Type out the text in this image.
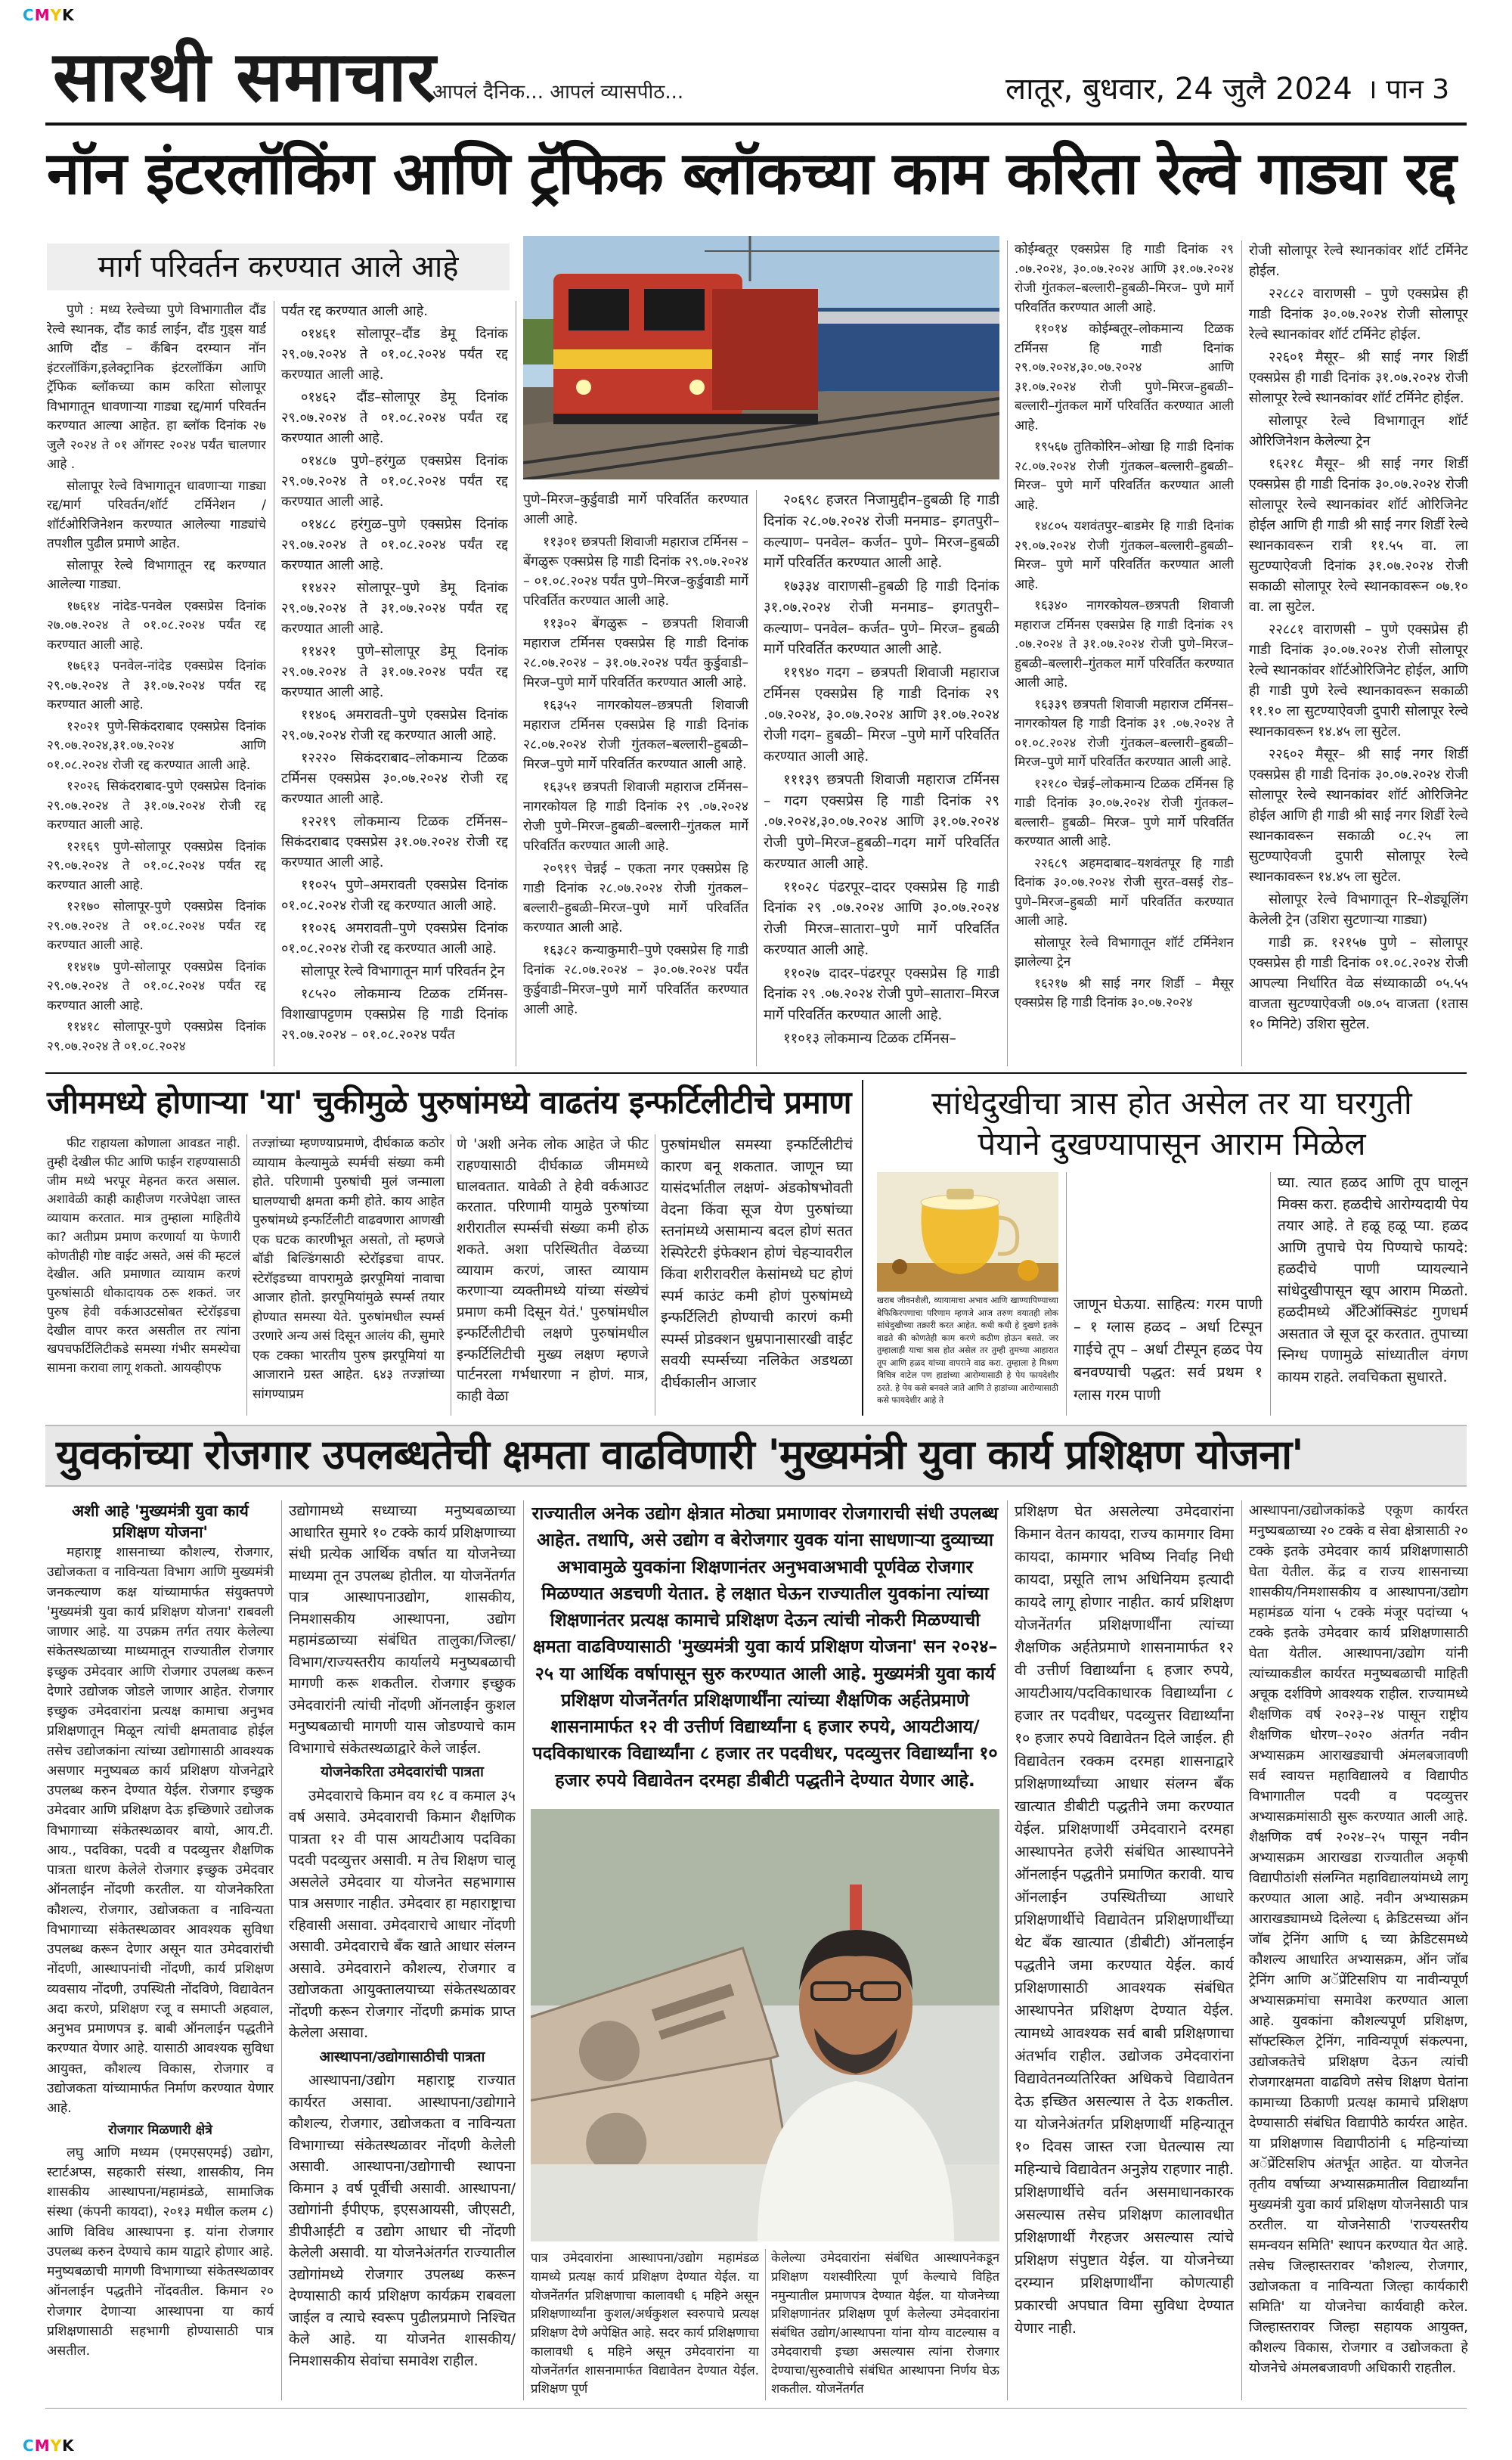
CMYK
सारथी समाचार
आपलं दैनिक... आपलं व्यासपीठ...	लातूर, बुधवार, 24 जुलै 2024 । पान 3
नॉन इंटरलॉकिंग आणि ट्रॅफिक ब्लॉकच्या काम करिता रेल्वे गाड्या रद्द
मार्ग परिवर्तन करण्यात आले आहे

पुणे : मध्य रेल्वेच्या पुणे विभागातील दौंड रेल्वे स्थानक, दौंड कार्ड लाईन, दौंड गुड्स यार्ड आणि दौंड – कँबिन दरम्यान नॉन इंटरलॉकिंग,इलेक्ट्रानिक इंटरलॉकिंग आणि ट्रॅफिक ब्लॉकच्या काम करिता सोलापूर विभागातून धावणाऱ्या गाड्या रद्द/मार्ग परिवर्तन करण्यात आल्या आहेत. हा ब्लॉक दिनांक २७ जुलै २०२४ ते ०१ ऑगस्ट २०२४ पर्यंत चालणार आहे .

सोलापूर रेल्वे विभागातून धावणाऱ्या गाड्या रद्द/मार्ग परिवर्तन/शॉर्ट टर्मिनेशन / शॉर्टओरिजिनेशन करण्यात आलेल्या गाड्यांचे तपशील पुढील प्रमाणे आहेत.

सोलापूर रेल्वे विभागातून रद्द करण्यात आलेल्या गाड्या.

१७६१४ नांदेड-पनवेल एक्सप्रेस दिनांक २७.०७.२०२४ ते ०१.०८.२०२४ पर्यंत रद्द करण्यात आली आहे.

१७६१३ पनवेल-नांदेड एक्सप्रेस दिनांक २९.०७.२०२४ ते ३१.०७.२०२४ पर्यंत रद्द करण्यात आली आहे.

१२०२१ पुणे-सिकंदराबाद एक्सप्रेस दिनांक २९.०७.२०२४,३१.०७.२०२४ आणि ०१.०८.२०२४ रोजी रद्द करण्यात आली आहे.

१२०२६ सिकंदराबाद-पुणे एक्सप्रेस दिनांक २९.०७.२०२४ ते ३१.०७.२०२४ रोजी रद्द करण्यात आली आहे.

१२१६९ पुणे-सोलापूर एक्सप्रेस दिनांक २९.०७.२०२४ ते ०१.०८.२०२४ पर्यंत रद्द करण्यात आली आहे.

१२१७० सोलापूर-पुणे एक्सप्रेस दिनांक २९.०७.२०२४ ते ०१.०८.२०२४ पर्यंत रद्द करण्यात आली आहे.

११४१७ पुणे-सोलापूर एक्सप्रेस दिनांक २९.०७.२०२४ ते ०१.०८.२०२४ पर्यंत रद्द करण्यात आली आहे.

११४१८ सोलापूर-पुणे एक्सप्रेस दिनांक २९.०७.२०२४ ते ०१.०८.२०२४

पर्यंत रद्द करण्यात आली आहे.

०१४६१ सोलापूर–दौंड डेमू दिनांक २९.०७.२०२४ ते ०१.०८.२०२४ पर्यंत रद्द करण्यात आली आहे.

०१४६२ दौंड–सोलापूर डेमू दिनांक २९.०७.२०२४ ते ०१.०८.२०२४ पर्यंत रद्द करण्यात आली आहे.

०१४८७ पुणे–हरंगुळ एक्सप्रेस दिनांक २९.०७.२०२४ ते ०१.०८.२०२४ पर्यंत रद्द करण्यात आली आहे.

०१४८८ हरंगुळ–पुणे एक्सप्रेस दिनांक २९.०७.२०२४ ते ०१.०८.२०२४ पर्यंत रद्द करण्यात आली आहे.

११४२२ सोलापूर–पुणे डेमू दिनांक २९.०७.२०२४ ते ३१.०७.२०२४ पर्यंत रद्द करण्यात आली आहे.

११४२१ पुणे–सोलापूर डेमू दिनांक २९.०७.२०२४ ते ३१.०७.२०२४ पर्यंत रद्द करण्यात आली आहे.

११४०६ अमरावती–पुणे एक्सप्रेस दिनांक २९.०७.२०२४ रोजी रद्द करण्यात आली आहे.

१२२२० सिकंदराबाद–लोकमान्य टिळक टर्मिनस एक्सप्रेस ३०.०७.२०२४ रोजी रद्द करण्यात आली आहे.

१२२१९ लोकमान्य टिळक टर्मिनस–सिकंदराबाद एक्सप्रेस ३१.०७.२०२४ रोजी रद्द करण्यात आली आहे.

११०२५ पुणे–अमरावती एक्सप्रेस दिनांक ०१.०८.२०२४ रोजी रद्द करण्यात आली आहे.

११०२६ अमरावती–पुणे एक्सप्रेस दिनांक ०१.०८.२०२४ रोजी रद्द करण्यात आली आहे.

सोलापूर रेल्वे विभागातून मार्ग परिवर्तन ट्रेन

१८५२० लोकमान्य टिळक टर्मिनस-विशाखापट्टणम एक्सप्रेस हि गाडी दिनांक २९.०७.२०२४ – ०१.०८.२०२४ पर्यंत

पुणे–मिरज–कुर्डुवाडी मार्गे परिवर्तित करण्यात आली आहे.

११३०१ छत्रपती शिवाजी महाराज टर्मिनस – बेंगळुरू एक्सप्रेस हि गाडी दिनांक २९.०७.२०२४ – ०१.०८.२०२४ पर्यंत पुणे–मिरज–कुर्डुवाडी मार्गे परिवर्तित करण्यात आली आहे.

११३०२ बेंगळुरू – छत्रपती शिवाजी महाराज टर्मिनस एक्सप्रेस हि गाडी दिनांक २८.०७.२०२४ – ३१.०७.२०२४ पर्यंत कुर्डुवाडी–मिरज–पुणे मार्गे परिवर्तित करण्यात आली आहे.

१६३५२ नागरकोयल–छत्रपती शिवाजी महाराज टर्मिनस एक्सप्रेस हि गाडी दिनांक २८.०७.२०२४ रोजी गुंतकल–बल्लारी–हुबळी–मिरज–पुणे मार्गे परिवर्तित करण्यात आली आहे.

१६३५१ छत्रपती शिवाजी महाराज टर्मिनस–नागरकोयल हि गाडी दिनांक २९ .०७.२०२४ रोजी पुणे–मिरज–हुबळी–बल्लारी–गुंतकल मार्गे परिवर्तित करण्यात आली आहे.

२०९१९ चेन्नई – एकता नगर एक्सप्रेस हि गाडी दिनांक २८.०७.२०२४ रोजी गुंतकल–बल्लारी–हुबळी–मिरज–पुणे मार्गे परिवर्तित करण्यात आली आहे.

१६३८२ कन्याकुमारी–पुणे एक्सप्रेस हि गाडी दिनांक २८.०७.२०२४ – ३०.०७.२०२४ पर्यंत कुर्डुवाडी–मिरज–पुणे मार्गे परिवर्तित करण्यात आली आहे.

२०६९८ हजरत निजामुद्दीन–हुबळी हि गाडी दिनांक २८.०७.२०२४ रोजी मनमाड– इगतपुरी– कल्याण– पनवेल– कर्जत– पुणे– मिरज–हुबळी मार्गे परिवर्तित करण्यात आली आहे.

१७३३४ वाराणसी–हुबळी हि गाडी दिनांक ३१.०७.२०२४ रोजी मनमाड– इगतपुरी– कल्याण– पनवेल– कर्जत– पुणे– मिरज– हुबळी मार्गे परिवर्तित करण्यात आली आहे.

११९४० गदग – छत्रपती शिवाजी महाराज टर्मिनस एक्सप्रेस हि गाडी दिनांक २९ .०७.२०२४, ३०.०७.२०२४ आणि ३१.०७.२०२४ रोजी गदग– हुबळी– मिरज –पुणे मार्गे परिवर्तित करण्यात आली आहे.

१११३९ छत्रपती शिवाजी महाराज टर्मिनस – गदग एक्सप्रेस हि गाडी दिनांक २९ .०७.२०२४,३०.०७.२०२४ आणि ३१.०७.२०२४ रोजी पुणे–मिरज–हुबळी–गदग मार्गे परिवर्तित करण्यात आली आहे.

११०२८ पंढरपूर–दादर एक्सप्रेस हि गाडी दिनांक २९ .०७.२०२४ आणि ३०.०७.२०२४ रोजी मिरज–सातारा–पुणे मार्गे परिवर्तित करण्यात आली आहे.

११०२७ दादर–पंढरपूर एक्सप्रेस हि गाडी दिनांक २९ .०७.२०२४ रोजी पुणे–सातारा–मिरज मार्गे परिवर्तित करण्यात आली आहे.

११०१३ लोकमान्य टिळक टर्मिनस–

कोईम्बतूर एक्सप्रेस हि गाडी दिनांक २९ .०७.२०२४, ३०.०७.२०२४ आणि ३१.०७.२०२४ रोजी गुंतकल–बल्लारी–हुबळी–मिरज– पुणे मार्गे परिवर्तित करण्यात आली आहे.

११०१४ कोईम्बतूर–लोकमान्य टिळक टर्मिनस हि गाडी दिनांक २९.०७.२०२४,३०.०७.२०२४ आणि ३१.०७.२०२४ रोजी पुणे–मिरज–हुबळी–बल्लारी–गुंतकल मार्गे परिवर्तित करण्यात आली आहे.

१९५६७ तुतिकोरिन–ओखा हि गाडी दिनांक २८.०७.२०२४ रोजी गुंतकल–बल्लारी–हुबळी–मिरज– पुणे मार्गे परिवर्तित करण्यात आली आहे.

१४८०५ यशवंतपुर–बाडमेर हि गाडी दिनांक २९.०७.२०२४ रोजी गुंतकल–बल्लारी–हुबळी–मिरज– पुणे मार्गे परिवर्तित करण्यात आली आहे.

१६३४० नागरकोयल–छत्रपती शिवाजी महाराज टर्मिनस एक्सप्रेस हि गाडी दिनांक २९ .०७.२०२४ ते ३१.०७.२०२४ रोजी पुणे–मिरज–हुबळी–बल्लारी–गुंतकल मार्गे परिवर्तित करण्यात आली आहे.

१६३३९ छत्रपती शिवाजी महाराज टर्मिनस–नागरकोयल हि गाडी दिनांक ३१ .०७.२०२४ ते ०१.०८.२०२४ रोजी गुंतकल–बल्लारी–हुबळी–मिरज–पुणे मार्गे परिवर्तित करण्यात आली आहे.

१२१८० चेन्नई–लोकमान्य टिळक टर्मिनस हि गाडी दिनांक ३०.०७.२०२४ रोजी गुंतकल– बल्लारी– हुबळी– मिरज– पुणे मार्गे परिवर्तित करण्यात आली आहे.

२२६८९ अहमदाबाद–यशवंतपूर हि गाडी दिनांक ३०.०७.२०२४ रोजी सुरत–वसई रोड–पुणे–मिरज–हुबळी मार्गे परिवर्तित करण्यात आली आहे.

सोलापूर रेल्वे विभागातून शॉर्ट टर्मिनेशन झालेल्या ट्रेन

१६२१७ श्री साई नगर शिर्डी – मैसूर एक्सप्रेस हि गाडी दिनांक ३०.०७.२०२४

रोजी सोलापूर रेल्वे स्थानकांवर शॉर्ट टर्मिनेट होईल.

२२८८२ वाराणसी – पुणे एक्सप्रेस ही गाडी दिनांक ३०.०७.२०२४ रोजी सोलापूर रेल्वे स्थानकांवर शॉर्ट टर्मिनेट होईल.

२२६०१ मैसूर– श्री साई नगर शिर्डी एक्सप्रेस ही गाडी दिनांक ३१.०७.२०२४ रोजी सोलापूर रेल्वे स्थानकांवर शॉर्ट टर्मिनेट होईल.

सोलापूर रेल्वे विभागातून शॉर्ट ओरिजिनेशन केलेल्या ट्रेन

१६२१८ मैसूर– श्री साई नगर शिर्डी एक्सप्रेस ही गाडी दिनांक ३०.०७.२०२४ रोजी सोलापूर रेल्वे स्थानकांवर शॉर्ट ओरिजिनेट होईल आणि ही गाडी श्री साई नगर शिर्डी रेल्वे स्थानकावरून रात्री ११.५५ वा. ला सुटण्याऐवजी दिनांक ३१.०७.२०२४ रोजी सकाळी सोलापूर रेल्वे स्थानकावरून ०७.१० वा. ला सुटेल.

२२८८१ वाराणसी – पुणे एक्सप्रेस ही गाडी दिनांक ३०.०७.२०२४ रोजी सोलापूर रेल्वे स्थानकांवर शॉर्टओरिजिनेट होईल, आणि ही गाडी पुणे रेल्वे स्थानकावरून सकाळी ११.१० ला सुटण्याऐवजी दुपारी सोलापूर रेल्वे स्थानकावरून १४.४५ ला सुटेल.

२२६०२ मैसूर– श्री साई नगर शिर्डी एक्सप्रेस ही गाडी दिनांक ३०.०७.२०२४ रोजी सोलापूर रेल्वे स्थानकांवर शॉर्ट ओरिजिनेट होईल आणि ही गाडी श्री साई नगर शिर्डी रेल्वे स्थानकावरून सकाळी ०८.२५ ला सुटण्याऐवजी दुपारी सोलापूर रेल्वे स्थानकावरून १४.४५ ला सुटेल.

सोलापूर रेल्वे विभागातून रि–शेड्यूलिंग केलेली ट्रेन (उशिरा सुटणाऱ्या गाड्या)

गाडी क्र. १२१५७ पुणे – सोलापूर एक्सप्रेस ही गाडी दिनांक ०१.०८.२०२४ रोजी आपल्या निर्धारित वेळ संध्याकाळी ०५.५५ वाजता सुटण्याऐवजी ०७.०५ वाजता (१तास १० मिनिटे) उशिरा सुटेल.

जीममध्ये होणाऱ्या 'या' चुकीमुळे पुरुषांमध्ये वाढतंय इन्फर्टिलीटीचे प्रमाण

फीट राहायला कोणाला आवडत नाही. तुम्ही देखील फीट आणि फाईन राहण्यासाठी जीम मध्ये भरपूर मेहनत करत असाल. अशावेळी काही काहीजण गरजेपेक्षा जास्त व्यायाम करतात. मात्र तुम्हाला माहितीये का? अतीप्रम प्रमाण करणार्या या फेणारी कोणतीही गोष्ट वाईट असते, असं की म्हटलं देखील. अति प्रमाणात व्यायाम करणं पुरुषांसाठी धोकादायक ठरू शकतं. जर पुरुष हेवी वर्कआउटसोबत स्टेरॉइडचा देखील वापर करत असतील तर त्यांना खपचफर्टिलिटीकडे समस्या गंभीर समस्येचा सामना करावा लागू शकतो. आयव्हीएफ

तज्ज्ञांच्या म्हणण्याप्रमाणे, दीर्घकाळ कठोर व्यायाम केल्यामुळे स्पर्मची संख्या कमी होते. परिणामी पुरुषांची मुलं जन्माला घालण्याची क्षमता कमी होते. काय आहेत पुरुषांमध्ये इन्फर्टिलीटी वाढवणारा आणखी एक घटक कारणीभूत असतो, तो म्हणजे बॉडी बिल्डिंगसाठी स्टेरॉइडचा वापर. स्टेरॉइडच्या वापरामुळे झरपूमियां नावाचा आजार होतो. झरपूमियांमुळे स्पर्म्स तयार होण्यात समस्या येते. पुरुषांमधील स्पर्म्स उरणारे अन्य असं दिसून आलंय की, सुमारे एक टक्का भारतीय पुरुष झरपूमियां या आजाराने ग्रस्त आहेत. ६४३ तज्ज्ञांच्या सांगण्याप्रम

णे 'अशी अनेक लोक आहेत जे फीट राहण्यासाठी दीर्घकाळ जीममध्ये घालवतात. यावेळी ते हेवी वर्कआउट करतात. परिणामी यामुळे पुरुषांच्या शरीरातील स्पर्म्सची संख्या कमी होऊ शकते. अशा परिस्थितीत वेळच्या व्यायाम करणं, जास्त व्यायाम करणाऱ्या व्यक्तीमध्ये यांच्या संख्येचं प्रमाण कमी दिसून येतं.' पुरुषांमधील इन्फर्टिलीटीची लक्षणे पुरुषांमधील इन्फर्टिलिटीची मुख्य लक्षण म्हणजे पार्टनरला गर्भधारणा न होणं. मात्र, काही वेळा

पुरुषांमधील समस्या इन्फर्टिलीटीचं कारण बनू शकतात. जाणून घ्या यासंदर्भातील लक्षणं- अंडकोषभोवती वेदना किंवा सूज येण पुरुषांच्या स्तनांमध्ये असामान्य बदल होणं सतत रेस्पिरेटरी इंफेक्शन होणं चेहऱ्यावरील किंवा शरीरावरील केसांमध्ये घट होणं स्पर्म काउंट कमी होणं पुरुषांमध्ये इन्फर्टिलिटी होण्याची कारणं कमी स्पर्म्स प्रोडक्शन धुम्रपानासारखी वाईट सवयी स्पर्म्सच्या नलिकेत अडथळा दीर्घकालीन आजार

सांधेदुखीचा त्रास होत असेल तर या घरगुती
पेयाने दुखण्यापासून आराम मिळेल

खराब जीवनशैली, व्यायामाचा अभाव आणि खाण्यापिण्याच्या बेफिकिरपणाचा परिणाम म्हणजे आज तरुण वयातही लोक सांधेदुखीच्या तक्रारी करत आहेत. कधी कधी हे दुखणे इतके वाढते की कोणतेही काम करणे कठीण होऊन बसते. जर तुम्हालाही याचा त्रास होत असेल तर तुम्ही तुमच्या आहारात तूप आणि हळद यांच्या वापराने वाढ करा. तुम्हाला हे मिश्रण विचित्र वाटेल पण हाडांच्या आरोग्यासाठी हे पेय फायदेशीर ठरते. हे पेय कसे बनवले जाते आणि ते हाडांच्या आरोग्यासाठी कसे फायदेशीर आहे ते

जाणून घेऊया. साहित्य: गरम पाणी – १ ग्लास हळद – अर्धा टिस्पून गाईचे तूप – अर्धा टीस्पून हळद पेय बनवण्याची पद्धत: सर्व प्रथम १ ग्लास गरम पाणी

घ्या. त्यात हळद आणि तूप घालून मिक्स करा. हळदीचे आरोग्यदायी पेय तयार आहे. ते हळू हळू प्या. हळद आणि तुपाचे पेय पिण्याचे फायदे: हळदीचे पाणी प्यायल्याने सांधेदुखीपासून खूप आराम मिळतो. हळदीमध्ये अँटिऑक्सिडंट गुणधर्म असतात जे सूज दूर करतात. तुपाच्या स्निग्ध पणामुळे सांध्यातील वंगण कायम राहते. लवचिकता सुधारते.

युवकांच्या रोजगार उपलब्धतेची क्षमता वाढविणारी 'मुख्यमंत्री युवा कार्य प्रशिक्षण योजना'
अशी आहे 'मुख्यमंत्री युवा कार्य प्रशिक्षण योजना'

महाराष्ट्र शासनाच्या कौशल्य, रोजगार, उद्योजकता व नाविन्यता विभाग आणि मुख्यमंत्री जनकल्याण कक्ष यांच्यामार्फत संयुक्तपणे 'मुख्यमंत्री युवा कार्य प्रशिक्षण योजना' राबवली जाणार आहे. या उपक्रम तर्गत तयार केलेल्या संकेतस्थळाच्या माध्यमातून राज्यातील रोजगार इच्छुक उमेदवार आणि रोजगार उपलब्ध करून देणारे उद्योजक जोडले जाणार आहेत. रोजगार इच्छुक उमेदवारांना प्रत्यक्ष कामाचा अनुभव प्रशिक्षणातून मिळून त्यांची क्षमतावाढ होईल तसेच उद्योजकांना त्यांच्या उद्योगासाठी आवश्यक असणार मनुष्यबळ कार्य प्रशिक्षण योजनेद्वारे उपलब्ध करुन देण्यात येईल. रोजगार इच्छुक उमेदवार आणि प्रशिक्षण देऊ इच्छिणारे उद्योजक विभागाच्या संकेतस्थळावर बायो, आय.टी. आय., पदविका, पदवी व पदव्युत्तर शैक्षणिक पात्रता धारण केलेले रोजगार इच्छुक उमेदवार ऑनलाईन नोंदणी करतील. या योजनेकरिता कौशल्य, रोजगार, उद्योजकता व नाविन्यता विभागाच्या संकेतस्थळावर आवश्यक सुविधा उपलब्ध करून देणार असून यात उमेदवारांची नोंदणी, आस्थापनांची नोंदणी, कार्य प्रशिक्षण व्यवसाय नोंदणी, उपस्थिती नोंदविणे, विद्यावेतन अदा करणे, प्रशिक्षण रजू व समाप्ती अहवाल, अनुभव प्रमाणपत्र इ. बाबी ऑनलाईन पद्धतीने करण्यात येणार आहे. यासाठी आवश्यक सुविधा आयुक्त, कौशल्य विकास, रोजगार व उद्योजकता यांच्यामार्फत निर्माण करण्यात येणार आहे.

रोजगार मिळणारी क्षेत्रे

लघु आणि मध्यम (एमएसएमई) उद्योग, स्टार्टअप्स, सहकारी संस्था, शासकीय, निम शासकीय आस्थापना/महामंडळे, सामाजिक संस्था (कंपनी कायदा), २०१३ मधील कलम ८) आणि विविध आस्थापना इ. यांना रोजगार उपलब्ध करुन देण्याचे काम याद्वारे होणार आहे. मनुष्यबळाची मागणी विभागाच्या संकेतस्थळावर ऑनलाईन पद्धतीने नोंदवतील. किमान २० रोजगार देणाऱ्या आस्थापना या कार्य प्रशिक्षणासाठी सहभागी होण्यासाठी पात्र असतील.

उद्योगामध्ये सध्याच्या मनुष्यबळाच्या आधारित सुमारे १० टक्के कार्य प्रशिक्षणाच्या संधी प्रत्येक आर्थिक वर्षात या योजनेच्या माध्यमा तून उपलब्ध होतील. या योजनेंतर्गत पात्र आस्थापनाउद्योग, शासकीय, निमशासकीय आस्थापना, उद्योग महामंडळाच्या संबंधित तालुका/जिल्हा/विभाग/राज्यस्तरीय कार्यालये मनुष्यबळाची मागणी करू शकतील. रोजगार इच्छुक उमेदवारांनी त्यांची नोंदणी ऑनलाईन कुशल मनुष्यबळाची मागणी यास जोडण्याचे काम विभागाचे संकेतस्थळाद्वारे केले जाईल.

योजनेकरिता उमेदवारांची पात्रता

उमेदवाराचे किमान वय १८ व कमाल ३५ वर्ष असावे. उमेदवाराची किमान शैक्षणिक पात्रता १२ वी पास आयटीआय पदविका पदवी पदव्युत्तर असावी. म तेच शिक्षण चालू असलेले उमेदवार या योजनेत सहभागास पात्र असणार नाहीत. उमेदवार हा महाराष्ट्राचा रहिवासी असावा. उमेदवाराचे आधार नोंदणी असावी. उमेदवाराचे बँक खाते आधार संलग्न असावे. उमेदवाराने कौशल्य, रोजगार व उद्योजकता आयुक्तालयाच्या संकेतस्थळावर नोंदणी करून रोजगार नोंदणी क्रमांक प्राप्त केलेला असावा.

आस्थापना/उद्योगासाठीची पात्रता

आस्थापना/उद्योग महाराष्ट्र राज्यात कार्यरत असावा. आस्थापना/उद्योगाने कौशल्य, रोजगार, उद्योजकता व नाविन्यता विभागाच्या संकेतस्थळावर नोंदणी केलेली असावी. आस्थापना/उद्योगाची स्थापना किमान ३ वर्ष पूर्वीची असावी. आस्थापना/उद्योगांनी ईपीएफ, इएसआयसी, जीएसटी, डीपीआईटी व उद्योग आधार ची नोंदणी केलेली असावी. या योजनेअंतर्गत राज्यातील उद्योगांमध्ये रोजगार उपलब्ध करून देण्यासाठी कार्य प्रशिक्षण कार्यक्रम राबवला जाईल व त्याचे स्वरूप पुढीलप्रमाणे निश्चित केले आहे. या योजनेत शासकीय/निमशासकीय सेवांचा समावेश राहील.

राज्यातील अनेक उद्योग क्षेत्रात मोठ्या प्रमाणावर रोजगाराची संधी उपलब्ध आहेत. तथापि, असे उद्योग व बेरोजगार युवक यांना साधणाऱ्या दुव्याच्या अभावामुळे युवकांना शिक्षणानंतर अनुभवाअभावी पूर्णवेळ रोजगार मिळण्यात अडचणी येतात. हे लक्षात घेऊन राज्यातील युवकांना त्यांच्या शिक्षणानंतर प्रत्यक्ष कामाचे प्रशिक्षण देऊन त्यांची नोकरी मिळण्याची क्षमता वाढविण्यासाठी 'मुख्यमंत्री युवा कार्य प्रशिक्षण योजना' सन २०२४–२५ या आर्थिक वर्षापासून सुरु करण्यात आली आहे. मुख्यमंत्री युवा कार्य प्रशिक्षण योजनेंतर्गत प्रशिक्षणार्थींना त्यांच्या शैक्षणिक अर्हतेप्रमाणे शासनामार्फत १२ वी उत्तीर्ण विद्यार्थ्यांना ६ हजार रुपये, आयटीआय/पदविकाधारक विद्यार्थ्यांना ८ हजार तर पदवीधर, पदव्युत्तर विद्यार्थ्यांना १० हजार रुपये विद्यावेतन दरमहा डीबीटी पद्धतीने देण्यात येणार आहे.

पात्र उमेदवारांना आस्थापना/उद्योग महामंडळ यामध्ये प्रत्यक्ष कार्य प्रशिक्षण देण्यात येईल. या योजनेंतर्गत प्रशिक्षणाचा कालावधी ६ महिने असून प्रशिक्षणार्थ्यांना कुशल/अर्धकुशल स्वरुपाचे प्रत्यक्ष प्रशिक्षण देणे अपेक्षित आहे. सदर कार्य प्रशिक्षणाचा कालावधी ६ महिने असून उमेदवारांना या योजनेंतर्गत शासनामार्फत विद्यावेतन देण्यात येईल. प्रशिक्षण पूर्ण

केलेल्या उमेदवारांना संबंधित आस्थापनेकडून प्रशिक्षण यशस्वीरित्या पूर्ण केल्याचे विहित नमुन्यातील प्रमाणपत्र देण्यात येईल. या योजनेच्या प्रशिक्षणानंतर प्रशिक्षण पूर्ण केलेल्या उमेदवारांना संबंधित उद्योग/आस्थापना यांना योग्य वाटल्यास व उमेदवाराची इच्छा असल्यास त्यांना रोजगार देण्याचा/सुरुवातीचे संबंधित आस्थापना निर्णय घेऊ शकतील. योजनेंतर्गत

प्रशिक्षण घेत असलेल्या उमेदवारांना किमान वेतन कायदा, राज्य कामगार विमा कायदा, कामगार भविष्य निर्वाह निधी कायदा, प्रसूति लाभ अधिनियम इत्यादी कायदे लागू होणार नाहीत. कार्य प्रशिक्षण योजनेंतर्गत प्रशिक्षणार्थींना त्यांच्या शैक्षणिक अर्हतेप्रमाणे शासनामार्फत १२ वी उत्तीर्ण विद्यार्थ्यांना ६ हजार रुपये, आयटीआय/पदविकाधारक विद्यार्थ्यांना ८ हजार तर पदवीधर, पदव्युत्तर विद्यार्थ्यांना १० हजार रुपये विद्यावेतन दिले जाईल. ही विद्यावेतन रक्कम दरमहा शासनाद्वारे प्रशिक्षणार्थ्यांच्या आधार संलग्न बँक खात्यात डीबीटी पद्धतीने जमा करण्यात येईल. प्रशिक्षणार्थी उमेदवाराने दरमहा आस्थापनेत हजेरी संबंधित आस्थापनेने ऑनलाईन पद्धतीने प्रमाणित करावी. याच ऑनलाईन उपस्थितीच्या आधारे प्रशिक्षणार्थीचे विद्यावेतन प्रशिक्षणार्थींच्या थेट बँक खात्यात (डीबीटी) ऑनलाईन पद्धतीने जमा करण्यात येईल. कार्य प्रशिक्षणासाठी आवश्यक संबंधित आस्थापनेत प्रशिक्षण देण्यात येईल. त्यामध्ये आवश्यक सर्व बाबी प्रशिक्षणाचा अंतर्भाव राहील. उद्योजक उमेदवारांना विद्यावेतनव्यतिरिक्त अधिकचे विद्यावेतन देऊ इच्छित असल्यास ते देऊ शकतील. या योजनेअंतर्गत प्रशिक्षणार्थी महिन्यातून १० दिवस जास्त रजा घेतल्यास त्या महिन्याचे विद्यावेतन अनुज्ञेय राहणार नाही. प्रशिक्षणार्थीचे वर्तन असमाधानकारक असल्यास तसेच प्रशिक्षण कालावधीत प्रशिक्षणार्थी गैरहजर असल्यास त्यांचे प्रशिक्षण संपुष्टात येईल. या योजनेच्या दरम्यान प्रशिक्षणार्थींना कोणत्याही प्रकारची अपघात विमा सुविधा देण्यात येणार नाही.

आस्थापना/उद्योजकांकडे एकूण कार्यरत मनुष्यबळाच्या २० टक्के व सेवा क्षेत्रासाठी २० टक्के इतके उमेदवार कार्य प्रशिक्षणासाठी घेता येतील. केंद्र व राज्य शासनाच्या शासकीय/निमशासकीय व आस्थापना/उद्योग महामंडळ यांना ५ टक्के मंजूर पदांच्या ५ टक्के इतके उमेदवार कार्य प्रशिक्षणासाठी घेता येतील. आस्थापना/उद्योग यांनी त्यांच्याकडील कार्यरत मनुष्यबळाची माहिती अचूक दर्शविणे आवश्यक राहील. राज्यामध्ये शैक्षणिक वर्ष २०२३–२४ पासून राष्ट्रीय शैक्षणिक धोरण–२०२० अंतर्गत नवीन अभ्यासक्रम आराखड्याची अंमलबजावणी सर्व स्वायत्त महाविद्यालये व विद्यापीठ विभागातील पदवी व पदव्युत्तर अभ्यासक्रमांसाठी सुरू करण्यात आली आहे. शैक्षणिक वर्ष २०२४–२५ पासून नवीन अभ्यासक्रम आराखडा राज्यातील अकृषी विद्यापीठांशी संलग्नित महाविद्यालयांमध्ये लागू करण्यात आला आहे. नवीन अभ्यासक्रम आराखड्यामध्ये दिलेल्या ६ क्रेडिटसच्या ऑन जॉब ट्रेनिंग आणि ६ च्या क्रेडिटसमध्ये कौशल्य आधारित अभ्यासक्रम, ऑन जॉब ट्रेनिंग आणि अॅप्रेंटिसशिप या नावीन्यपूर्ण अभ्यासक्रमांचा समावेश करण्यात आला आहे. युवकांना कौशल्यपूर्ण प्रशिक्षण, सॉफ्टस्किल ट्रेनिंग, नाविन्यपूर्ण संकल्पना, उद्योजकतेचे प्रशिक्षण देऊन त्यांची रोजगारक्षमता वाढविणे तसेच शिक्षण घेतांना कामाच्या ठिकाणी प्रत्यक्ष कामाचे प्रशिक्षण देण्यासाठी संबंधित विद्यापीठे कार्यरत आहेत. या प्रशिक्षणास विद्यापीठांनी ६ महिन्यांच्या अॅप्रेंटिसशिप अंतर्भूत आहेत. या योजनेत तृतीय वर्षाच्या अभ्यासक्रमातील विद्यार्थ्यांना मुख्यमंत्री युवा कार्य प्रशिक्षण योजनेसाठी पात्र ठरतील. या योजनेसाठी 'राज्यस्तरीय समन्वयन समिति' स्थापन करण्यात येत आहे. तसेच जिल्हास्तरावर 'कौशल्य, रोजगार, उद्योजकता व नाविन्यता जिल्हा कार्यकारी समिति' या योजनेचा कार्यवाही करेल. जिल्हास्तरावर जिल्हा सहायक आयुक्त, कौशल्य विकास, रोजगार व उद्योजकता हे योजनेचे अंमलबजावणी अधिकारी राहतील.

CMYK
